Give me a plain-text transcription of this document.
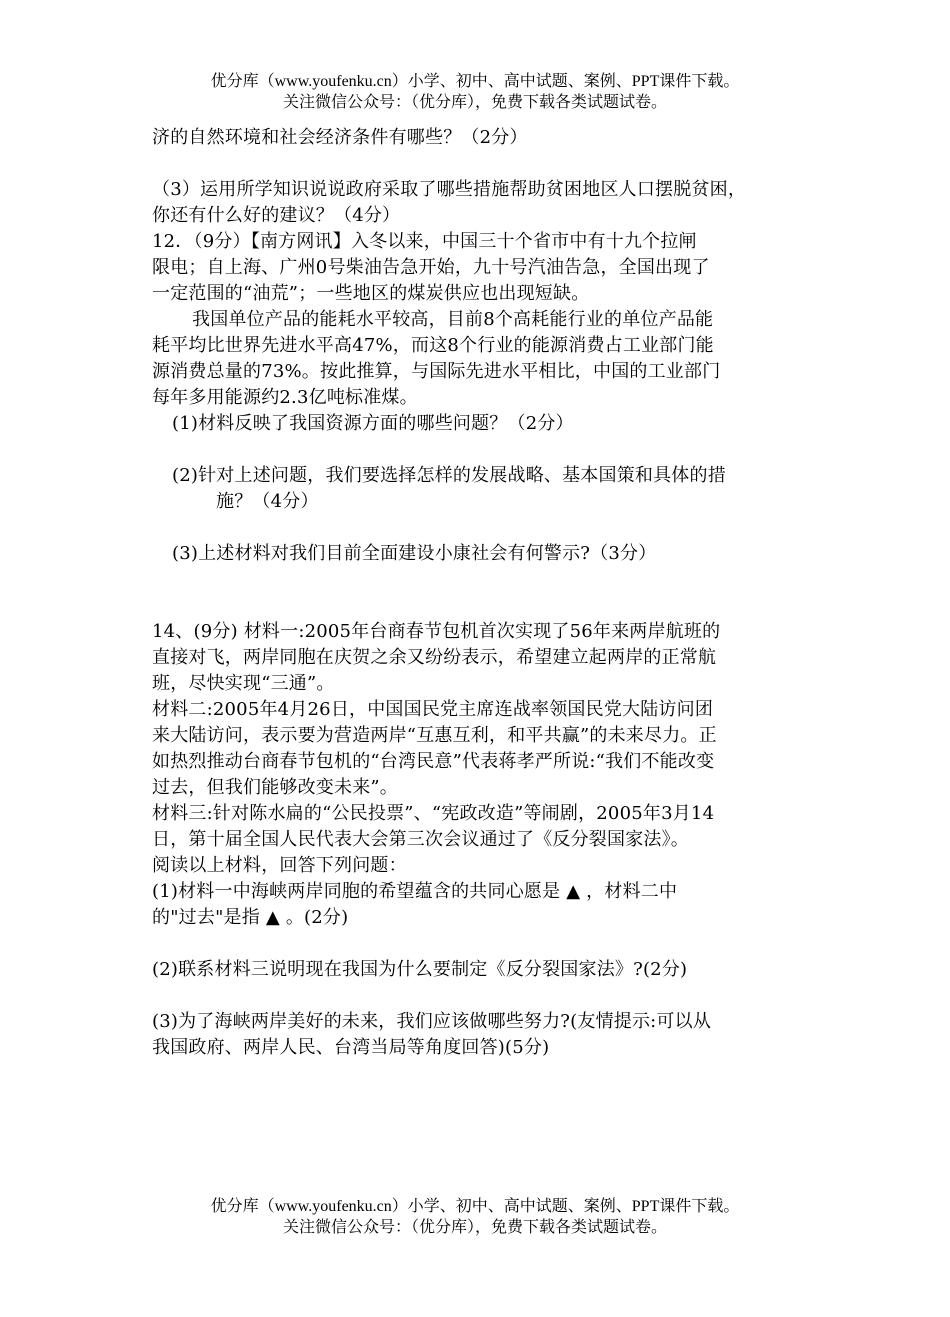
优分库（www.youfenku.cn）小学、初中、高中试题、案例、PPT课件下载。
关注微信公众号：（优分库），免费下载各类试题试卷。
济的自然环境和社会经济条件有哪些？（2分）
（3）运用所学知识说说政府采取了哪些措施帮助贫困地区人口摆脱贫困，
你还有什么好的建议？（4分）
12．（9分）【南方网讯】入冬以来，中国三十个省市中有十九个拉闸
限电；自上海、广州0号柴油告急开始，九十号汽油告急，全国出现了
一定范围的“油荒”；一些地区的煤炭供应也出现短缺。
我国单位产品的能耗水平较高，目前8个高耗能行业的单位产品能
耗平均比世界先进水平高47%，而这8个行业的能源消费占工业部门能
源消费总量的73%。按此推算，与国际先进水平相比，中国的工业部门
每年多用能源约2.3亿吨标准煤。
(1)材料反映了我国资源方面的哪些问题？（2分）
(2)针对上述问题，我们要选择怎样的发展战略、基本国策和具体的措
施？（4分）
(3)上述材料对我们目前全面建设小康社会有何警示?（3分）
14、(9分) 材料一:2005年台商春节包机首次实现了56年来两岸航班的
直接对飞，两岸同胞在庆贺之余又纷纷表示，希望建立起两岸的正常航
班，尽快实现“三通”。
材料二:2005年4月26日，中国国民党主席连战率领国民党大陆访问团
来大陆访问，表示要为营造两岸“互惠互利，和平共赢”的未来尽力。正
如热烈推动台商春节包机的“台湾民意”代表蒋孝严所说:“我们不能改变
过去，但我们能够改变未来”。
材料三:针对陈水扁的“公民投票”、“宪政改造”等闹剧，2005年3月14
日，第十届全国人民代表大会第三次会议通过了《反分裂国家法》。
阅读以上材料，回答下列问题：
(1)材料一中海峡两岸同胞的希望蕴含的共同心愿是 ▲ ，材料二中
的"过去"是指 ▲ 。(2分)
(2)联系材料三说明现在我国为什么要制定《反分裂国家法》?(2分)
(3)为了海峡两岸美好的未来，我们应该做哪些努力?(友情提示:可以从
我国政府、两岸人民、台湾当局等角度回答)(5分)
优分库（www.youfenku.cn）小学、初中、高中试题、案例、PPT课件下载。
关注微信公众号：（优分库），免费下载各类试题试卷。
